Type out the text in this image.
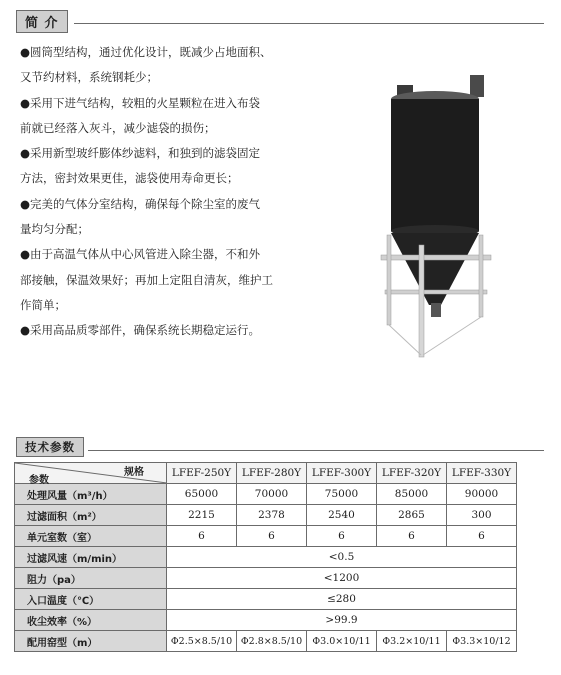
简 介

●圆筒型结构，通过优化设计，既减少占地面积、
又节约材料，系统钢耗少；

●采用下进气结构，较粗的火星颗粒在进入布袋
前就已经落入灰斗，减少滤袋的损伤；

●采用新型玻纤膨体纱滤料，和独到的滤袋固定
方法，密封效果更佳，滤袋使用寿命更长；

●完美的气体分室结构，确保每个除尘室的废气
量均匀分配；

●由于高温气体从中心风管进入除尘器，不和外
部接触，保温效果好；再加上定阻自清灰，维护工
作简单；

●采用高品质零部件，确保系统长期稳定运行。

技术参数
规格
参数	LFEF-250Y	LFEF-280Y	LFEF-300Y	LFEF-320Y	LFEF-330Y
处理风量（m³/h）	65000	70000	75000	85000	90000
过滤面积（m²）	2215	2378	2540	2865	300
单元室数（室）	6	6	6	6	6
过滤风速（m/min）	<0.5				
阻力（pa）	<1200				
入口温度（℃）	≤280				
收尘效率（%）	>99.9				
配用窑型（m）	Φ2.5×8.5/10	Φ2.8×8.5/10	Φ3.0×10/11	Φ3.2×10/11	Φ3.3×10/12
